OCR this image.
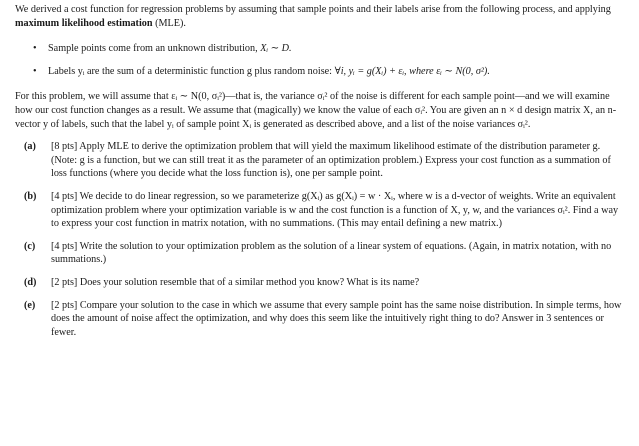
We derived a cost function for regression problems by assuming that sample points and their labels arise from the following process, and applying maximum likelihood estimation (MLE).

• Sample points come from an unknown distribution, Xᵢ ∼ D.
• Labels yᵢ are the sum of a deterministic function g plus random noise: ∀i, yᵢ = g(Xᵢ) + εᵢ, where εᵢ ∼ N(0, σ²).

For this problem, we will assume that εᵢ ∼ N(0, σᵢ²)—that is, the variance σᵢ² of the noise is different for each sample point—and we will examine how our cost function changes as a result. We assume that (magically) we know the value of each σᵢ². You are given an n × d design matrix X, an n-vector y of labels, such that the label yᵢ of sample point Xᵢ is generated as described above, and a list of the noise variances σᵢ².

(a) [8 pts] Apply MLE to derive the optimization problem that will yield the maximum likelihood estimate of the distribution parameter g. (Note: g is a function, but we can still treat it as the parameter of an optimization problem.) Express your cost function as a summation of loss functions (where you decide what the loss function is), one per sample point.
(b) [4 pts] We decide to do linear regression, so we parameterize g(Xᵢ) as g(Xᵢ) = w · Xᵢ, where w is a d-vector of weights. Write an equivalent optimization problem where your optimization variable is w and the cost function is a function of X, y, w, and the variances σᵢ². Find a way to express your cost function in matrix notation, with no summations. (This may entail defining a new matrix.)
(c) [4 pts] Write the solution to your optimization problem as the solution of a linear system of equations. (Again, in matrix notation, with no summations.)
(d) [2 pts] Does your solution resemble that of a similar method you know? What is its name?
(e) [2 pts] Compare your solution to the case in which we assume that every sample point has the same noise distribution. In simple terms, how does the amount of noise affect the optimization, and why does this seem like the intuitively right thing to do? Answer in 3 sentences or fewer.
